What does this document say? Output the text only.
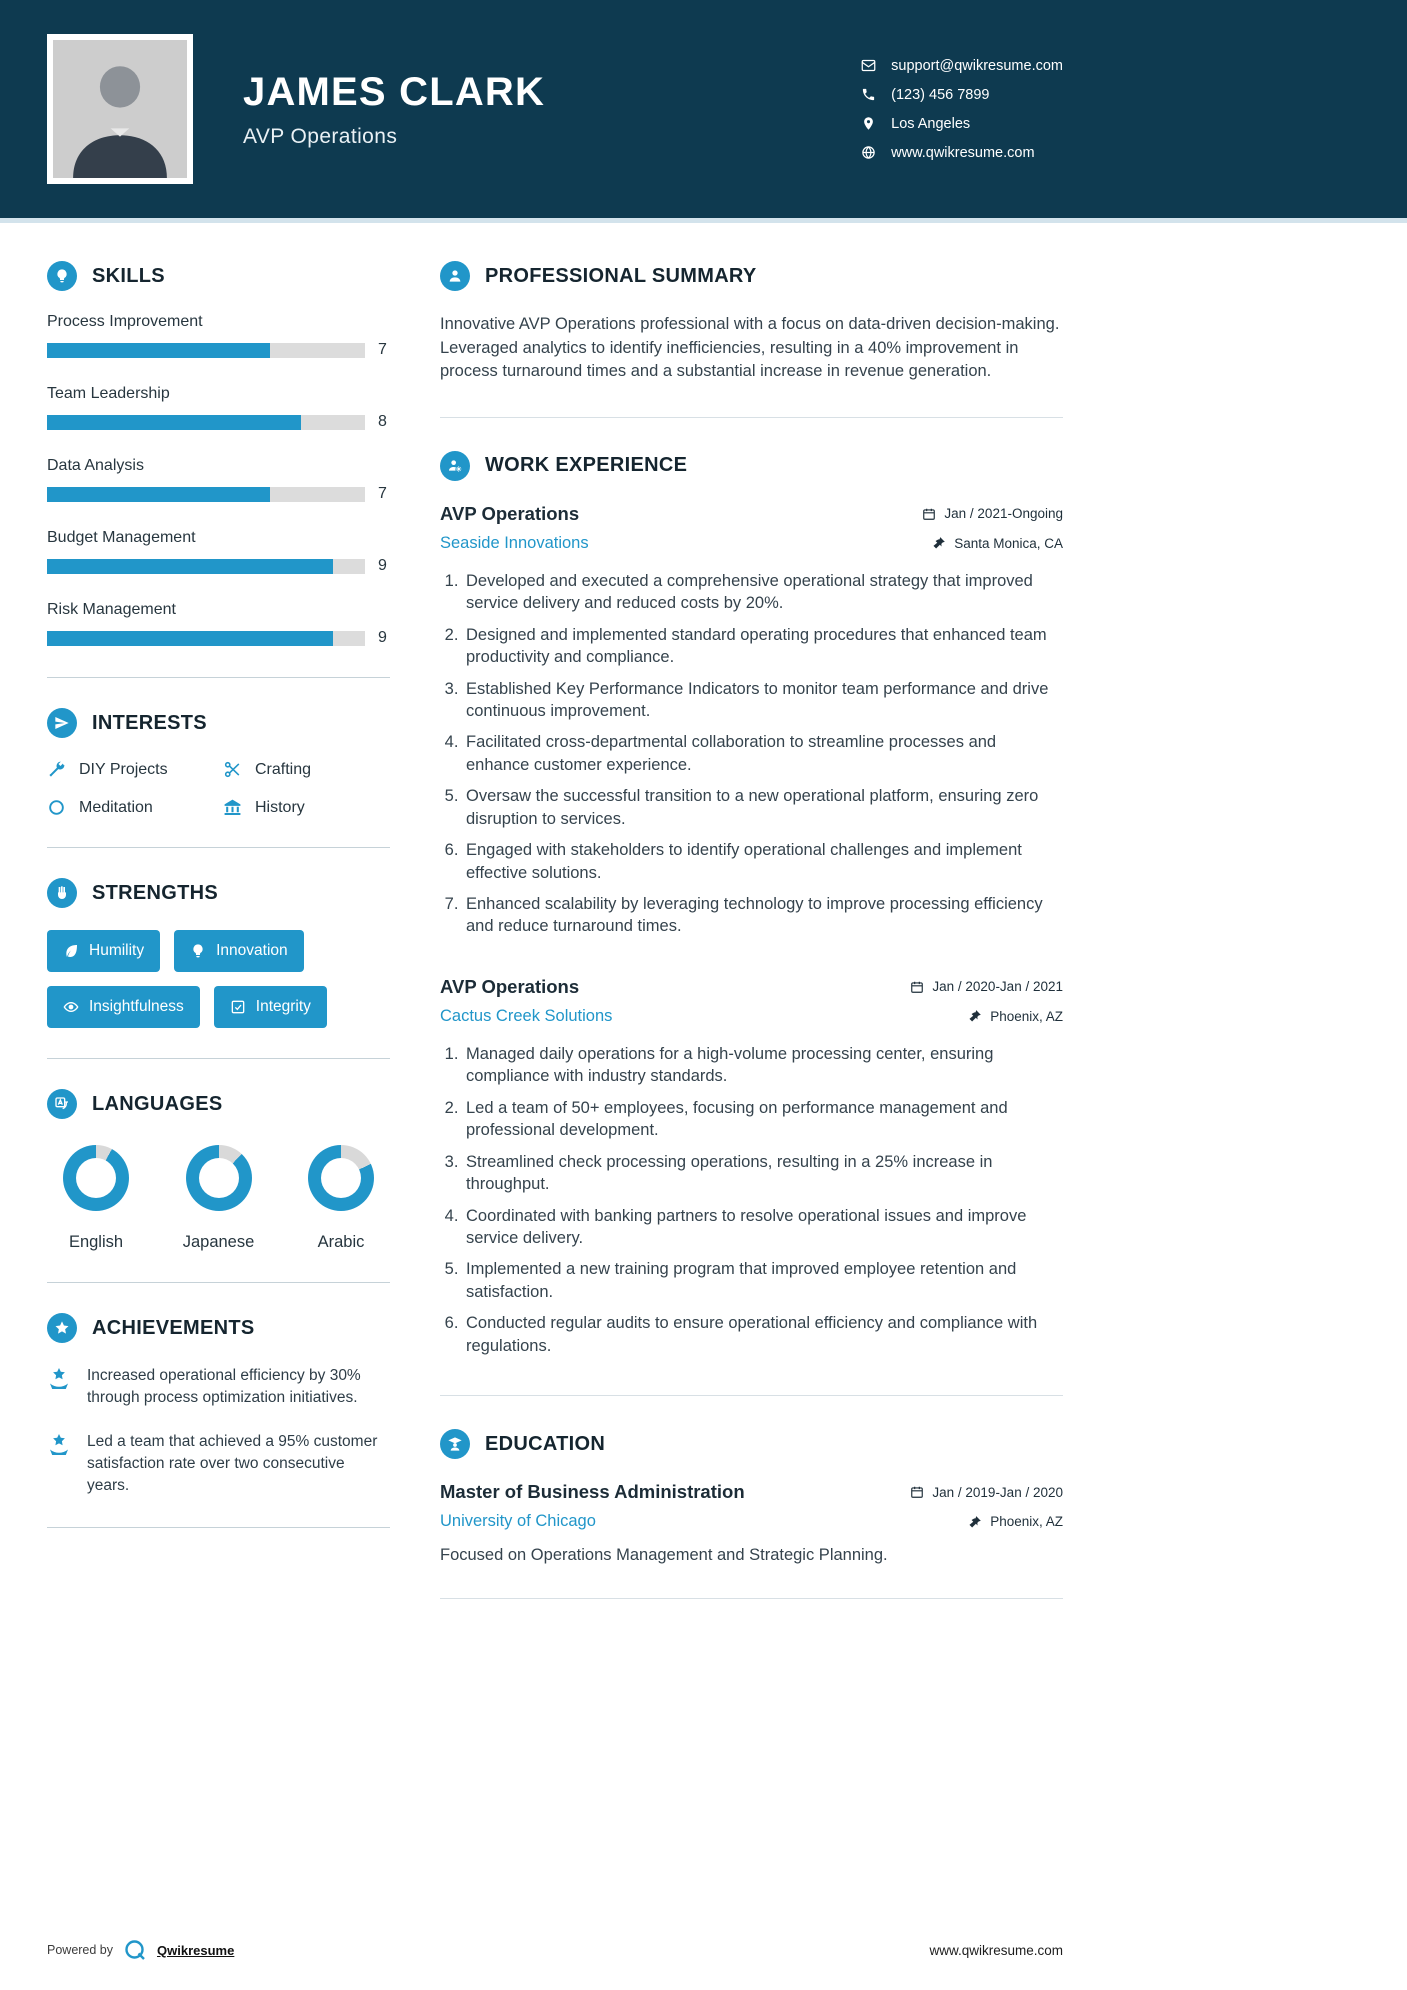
JAMES CLARK
AVP Operations
support@qwikresume.com
(123) 456 7899
Los Angeles
www.qwikresume.com
SKILLS
Process Improvement
7
Team Leadership
8
Data Analysis
7
Budget Management
9
Risk Management
9
INTERESTS
DIY Projects	Crafting
Meditation	History
STRENGTHS
Humility	Innovation
Insightfulness	Integrity
LANGUAGES
English	Japanese	Arabic
ACHIEVEMENTS

Increased operational efficiency by 30% through process optimization initiatives.

Led a team that achieved a 95% customer satisfaction rate over two consecutive years.

PROFESSIONAL SUMMARY

Innovative AVP Operations professional with a focus on data-driven decision-making. Leveraged analytics to identify inefficiencies, resulting in a 40% improvement in process turnaround times and a substantial increase in revenue generation.

WORK EXPERIENCE
AVP Operations	Jan / 2021-Ongoing
Seaside Innovations	Santa Monica, CA
1. Developed and executed a comprehensive operational strategy that improved service delivery and reduced costs by 20%.
2. Designed and implemented standard operating procedures that enhanced team productivity and compliance.
3. Established Key Performance Indicators to monitor team performance and drive continuous improvement.
4. Facilitated cross-departmental collaboration to streamline processes and enhance customer experience.
5. Oversaw the successful transition to a new operational platform, ensuring zero disruption to services.
6. Engaged with stakeholders to identify operational challenges and implement effective solutions.
7. Enhanced scalability by leveraging technology to improve processing efficiency and reduce turnaround times.
AVP Operations	Jan / 2020-Jan / 2021
Cactus Creek Solutions	Phoenix, AZ
1. Managed daily operations for a high-volume processing center, ensuring compliance with industry standards.
2. Led a team of 50+ employees, focusing on performance management and professional development.
3. Streamlined check processing operations, resulting in a 25% increase in throughput.
4. Coordinated with banking partners to resolve operational issues and improve service delivery.
5. Implemented a new training program that improved employee retention and satisfaction.
6. Conducted regular audits to ensure operational efficiency and compliance with regulations.
EDUCATION
Master of Business Administration	Jan / 2019-Jan / 2020
University of Chicago	Phoenix, AZ

Focused on Operations Management and Strategic Planning.

Powered by	Qwikresume	www.qwikresume.com
